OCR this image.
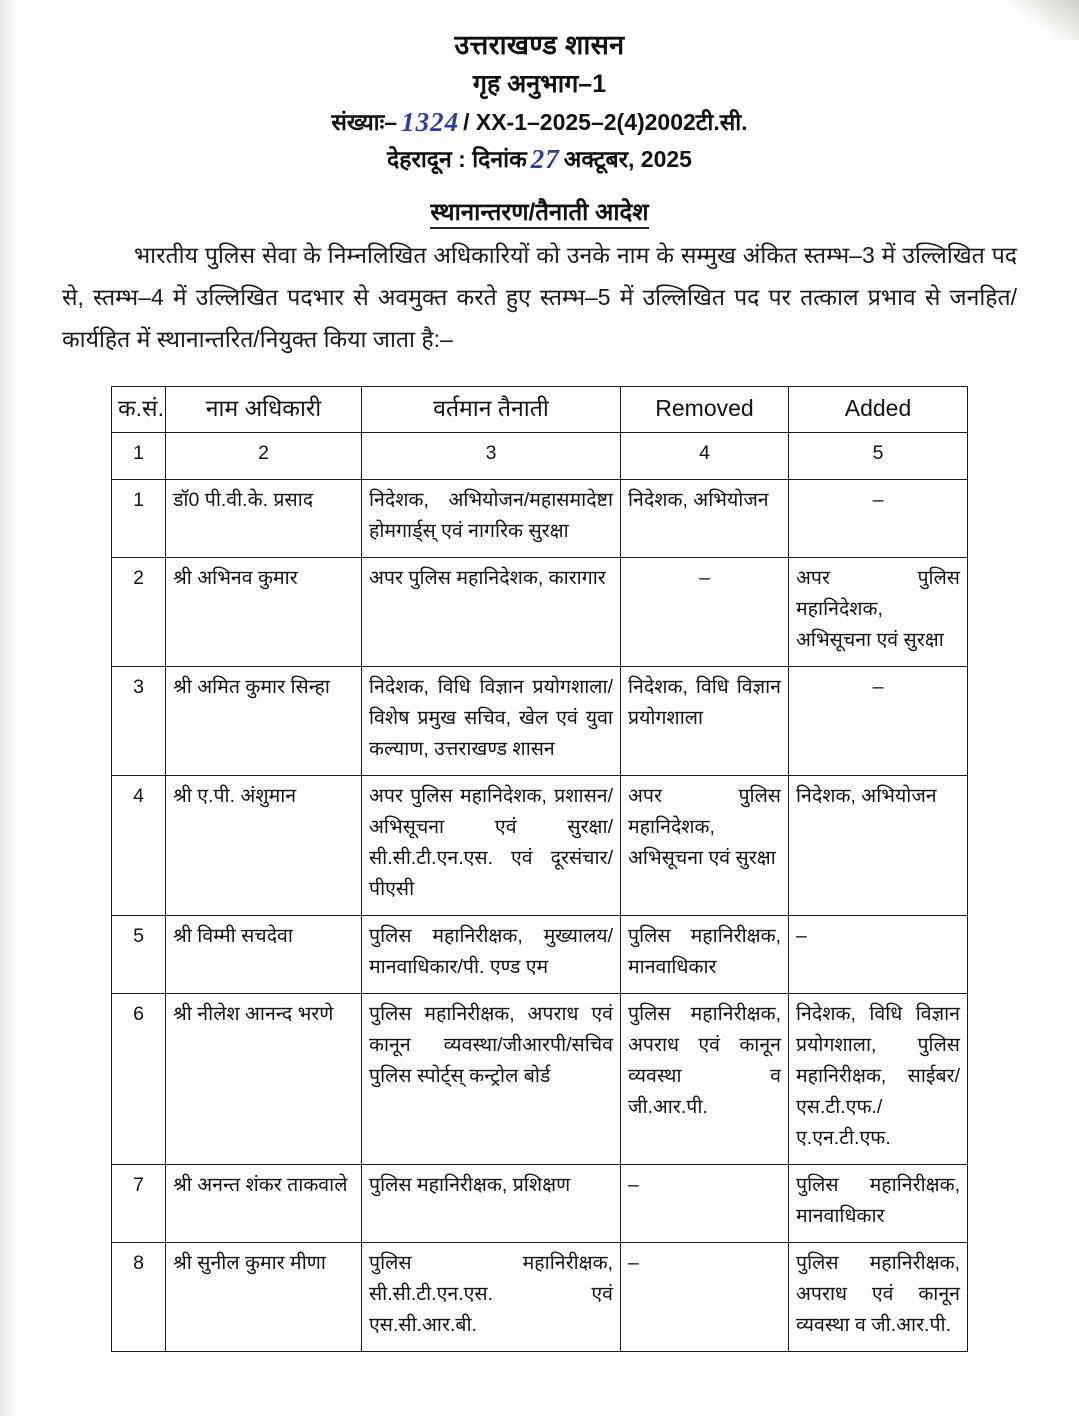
उत्तराखण्ड शासन
गृह अनुभाग–1
संख्याः– 1324 / XX-1–2025–2(4)2002टी.सी.
देहरादून : दिनांक 27 अक्टूबर, 2025
स्थानान्तरण/तैनाती आदेश
भारतीय पुलिस सेवा के निम्नलिखित अधिकारियों को उनके नाम के सम्मुख अंकित स्तम्भ–3 में उल्लिखित पद से, स्तम्भ–4 में उल्लिखित पदभार से अवमुक्त करते हुए स्तम्भ–5 में उल्लिखित पद पर तत्काल प्रभाव से जनहित/कार्यहित में स्थानान्तरित/नियुक्त किया जाता है:–
क.सं.	नाम अधिकारी	वर्तमान तैनाती	Removed	Added
1	2	3	4	5
1	डॉ0 पी.वी.के. प्रसाद	निदेशक, अभियोजन/महासमादेष्टा होमगार्ड्स् एवं नागरिक सुरक्षा	निदेशक, अभियोजन	–
2	श्री अभिनव कुमार	अपर पुलिस महानिदेशक, कारागार	–	अपर पुलिस महानिदेशक, अभिसूचना एवं सुरक्षा
3	श्री अमित कुमार सिन्हा	निदेशक, विधि विज्ञान प्रयोगशाला/विशेष प्रमुख सचिव, खेल एवं युवा कल्याण, उत्तराखण्ड शासन	निदेशक, विधि विज्ञान प्रयोगशाला	–
4	श्री ए.पी. अंशुमान	अपर पुलिस महानिदेशक, प्रशासन/अभिसूचना एवं सुरक्षा/सी.सी.टी.एन.एस. एवं दूरसंचार/पीएसी	अपर पुलिस महानिदेशक, अभिसूचना एवं सुरक्षा	निदेशक, अभियोजन
5	श्री विम्मी सचदेवा	पुलिस महानिरीक्षक, मुख्यालय/मानवाधिकार/पी. एण्ड एम	पुलिस महानिरीक्षक, मानवाधिकार	–
6	श्री नीलेश आनन्द भरणे	पुलिस महानिरीक्षक, अपराध एवं कानून व्यवस्था/जीआरपी/सचिव पुलिस स्पोर्ट्स् कन्ट्रोल बोर्ड	पुलिस महानिरीक्षक, अपराध एवं कानून व्यवस्था व जी.आर.पी.	निदेशक, विधि विज्ञान प्रयोगशाला, पुलिस महानिरीक्षक, साईबर/एस.टी.एफ./ए.एन.टी.एफ.
7	श्री अनन्त शंकर ताकवाले	पुलिस महानिरीक्षक, प्रशिक्षण	–	पुलिस महानिरीक्षक, मानवाधिकार
8	श्री सुनील कुमार मीणा	पुलिस महानिरीक्षक, सी.सी.टी.एन.एस. एवं एस.सी.आर.बी.	–	पुलिस महानिरीक्षक, अपराध एवं कानून व्यवस्था व जी.आर.पी.
